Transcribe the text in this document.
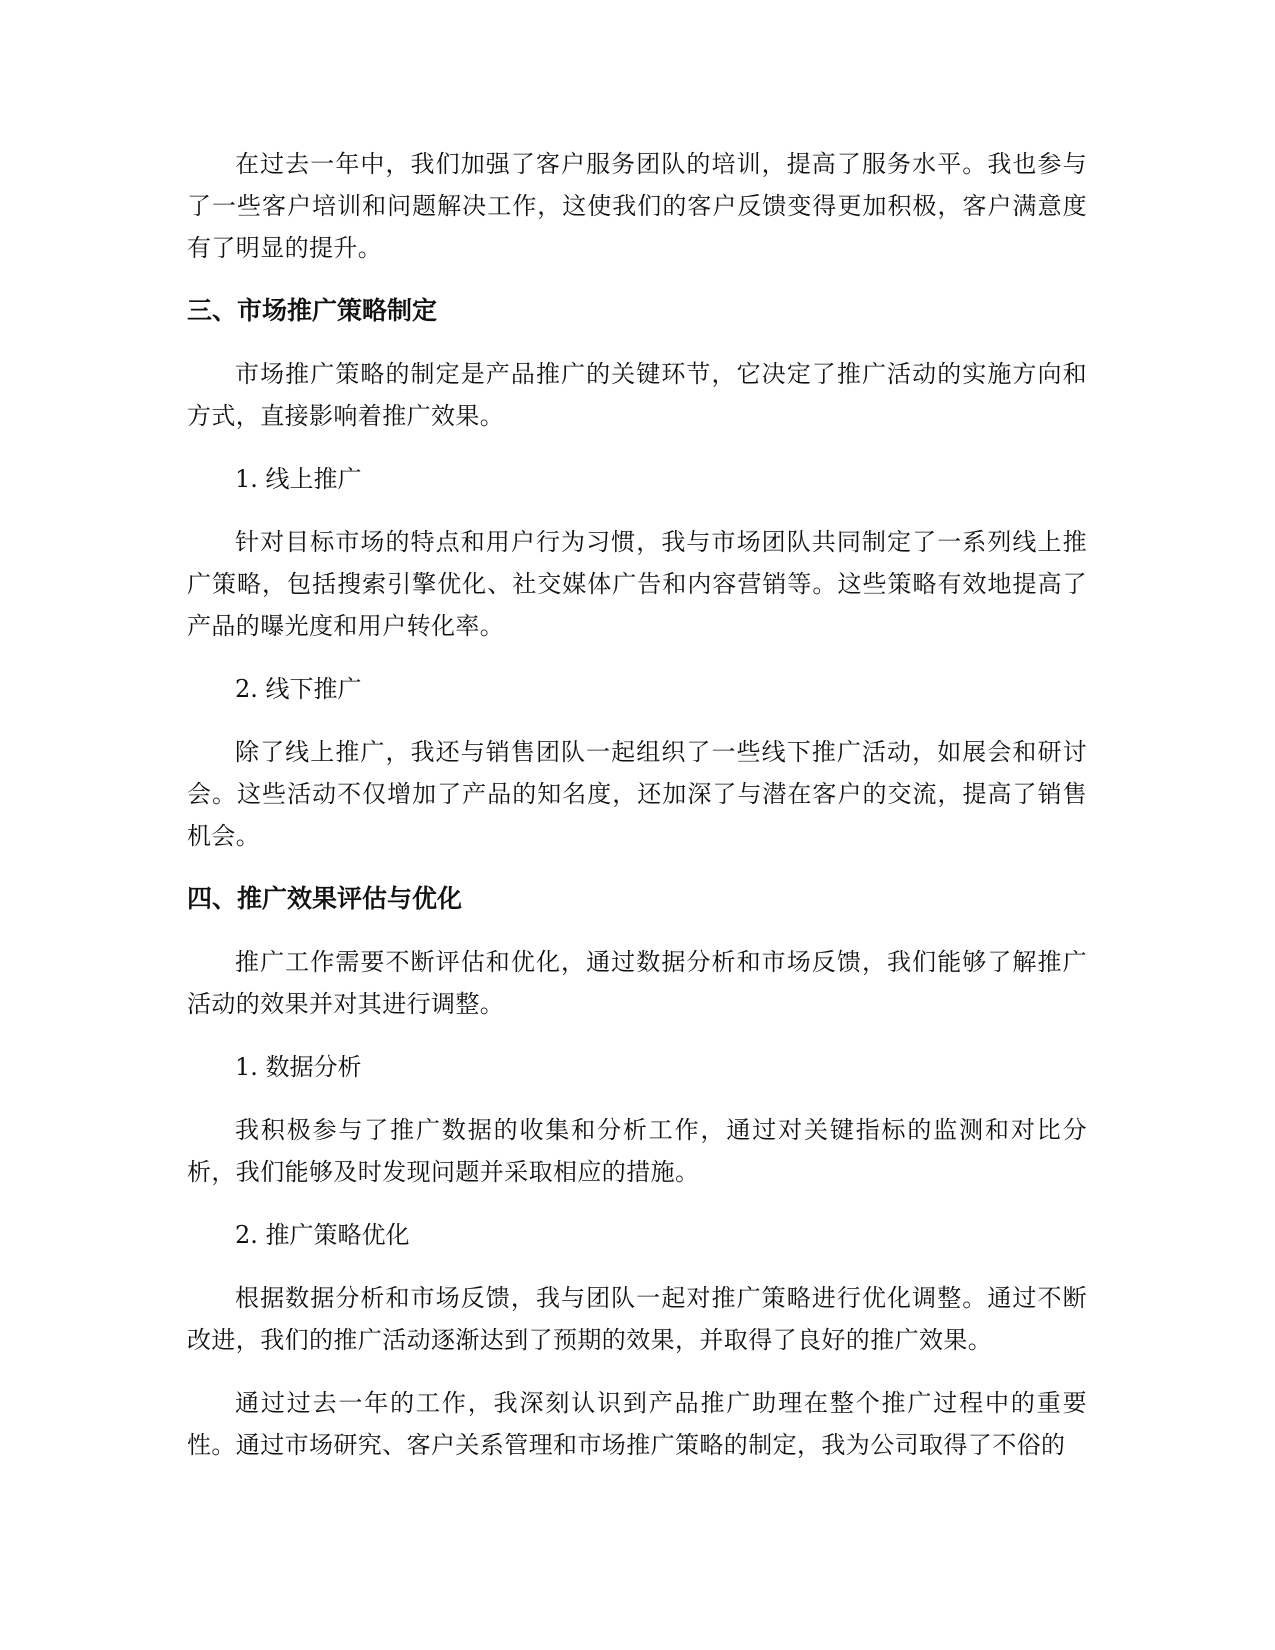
在过去一年中，我们加强了客户服务团队的培训，提高了服务水平。我也参与了一些客户培训和问题解决工作，这使我们的客户反馈变得更加积极，客户满意度有了明显的提升。

三、市场推广策略制定

市场推广策略的制定是产品推广的关键环节，它决定了推广活动的实施方向和方式，直接影响着推广效果。

1. 线上推广

针对目标市场的特点和用户行为习惯，我与市场团队共同制定了一系列线上推广策略，包括搜索引擎优化、社交媒体广告和内容营销等。这些策略有效地提高了产品的曝光度和用户转化率。

2. 线下推广

除了线上推广，我还与销售团队一起组织了一些线下推广活动，如展会和研讨会。这些活动不仅增加了产品的知名度，还加深了与潜在客户的交流，提高了销售机会。

四、推广效果评估与优化

推广工作需要不断评估和优化，通过数据分析和市场反馈，我们能够了解推广活动的效果并对其进行调整。

1. 数据分析

我积极参与了推广数据的收集和分析工作，通过对关键指标的监测和对比分析，我们能够及时发现问题并采取相应的措施。

2. 推广策略优化

根据数据分析和市场反馈，我与团队一起对推广策略进行优化调整。通过不断改进，我们的推广活动逐渐达到了预期的效果，并取得了良好的推广效果。

通过过去一年的工作，我深刻认识到产品推广助理在整个推广过程中的重要性。通过市场研究、客户关系管理和市场推广策略的制定，我为公司取得了不俗的
